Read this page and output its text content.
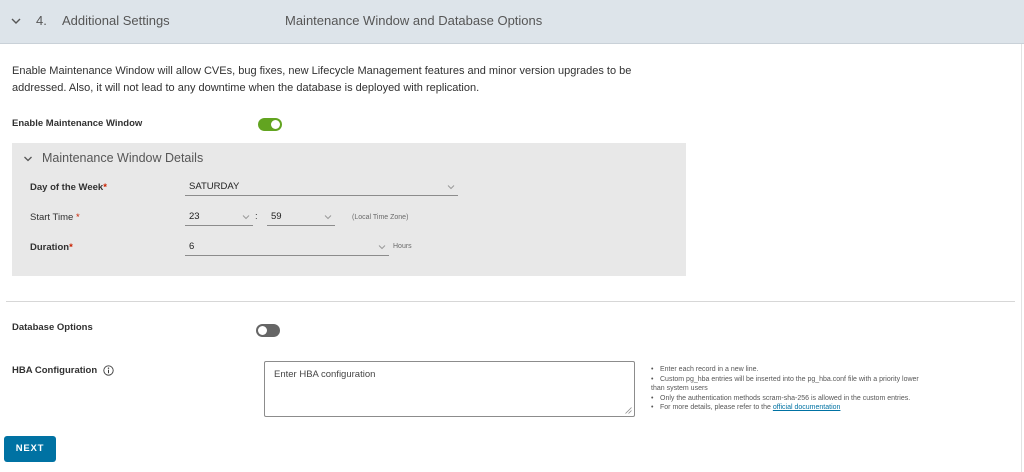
4. Additional Settings	Maintenance Window and Database Options

Enable Maintenance Window will allow CVEs, bug fixes, new Lifecycle Management features and minor version upgrades to be addressed. Also, it will not lead to any downtime when the database is deployed with replication.

Enable Maintenance Window
Maintenance Window Details
Day of the Week*	SATURDAY
Start Time *	23	: 59	(Local Time Zone)
Duration*	6	Hours
Database Options
HBA Configuration	Enter HBA configuration	• Enter each record in a new line.
• Custom pg_hba entries will be inserted into the pg_hba.conf file with a priority lower
than system users
• Only the authentication methods scram-sha-256 is allowed in the custom entries.
• For more details, please refer to the official documentation
NEXT
